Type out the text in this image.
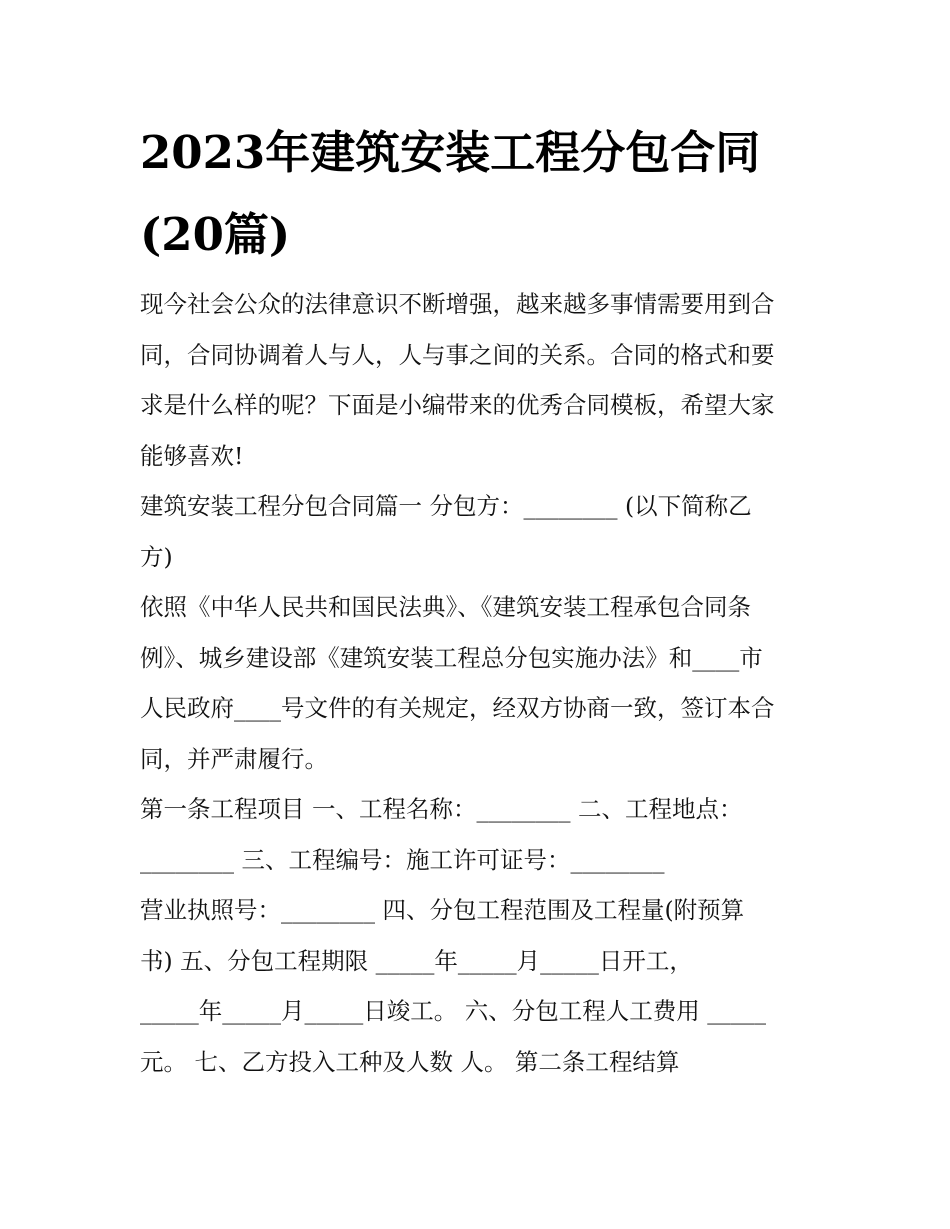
2023年建筑安装工程分包合同
(20篇)
现今社会公众的法律意识不断增强，越来越多事情需要用到合
同，合同协调着人与人，人与事之间的关系。合同的格式和要
求是什么样的呢？下面是小编带来的优秀合同模板，希望大家
能够喜欢!
建筑安装工程分包合同篇一 分包方：________ (以下简称乙
方)
依照《中华人民共和国民法典》、《建筑安装工程承包合同条
例》、城乡建设部《建筑安装工程总分包实施办法》和____市
人民政府____号文件的有关规定，经双方协商一致，签订本合
同，并严肃履行。
第一条工程项目 一、工程名称：________ 二、工程地点：
________ 三、工程编号：施工许可证号：________
营业执照号：________ 四、分包工程范围及工程量(附预算
书) 五、分包工程期限 _____年_____月_____日开工，
_____年_____月_____日竣工。 六、分包工程人工费用 _____
元。 七、乙方投入工种及人数 人。 第二条工程结算
